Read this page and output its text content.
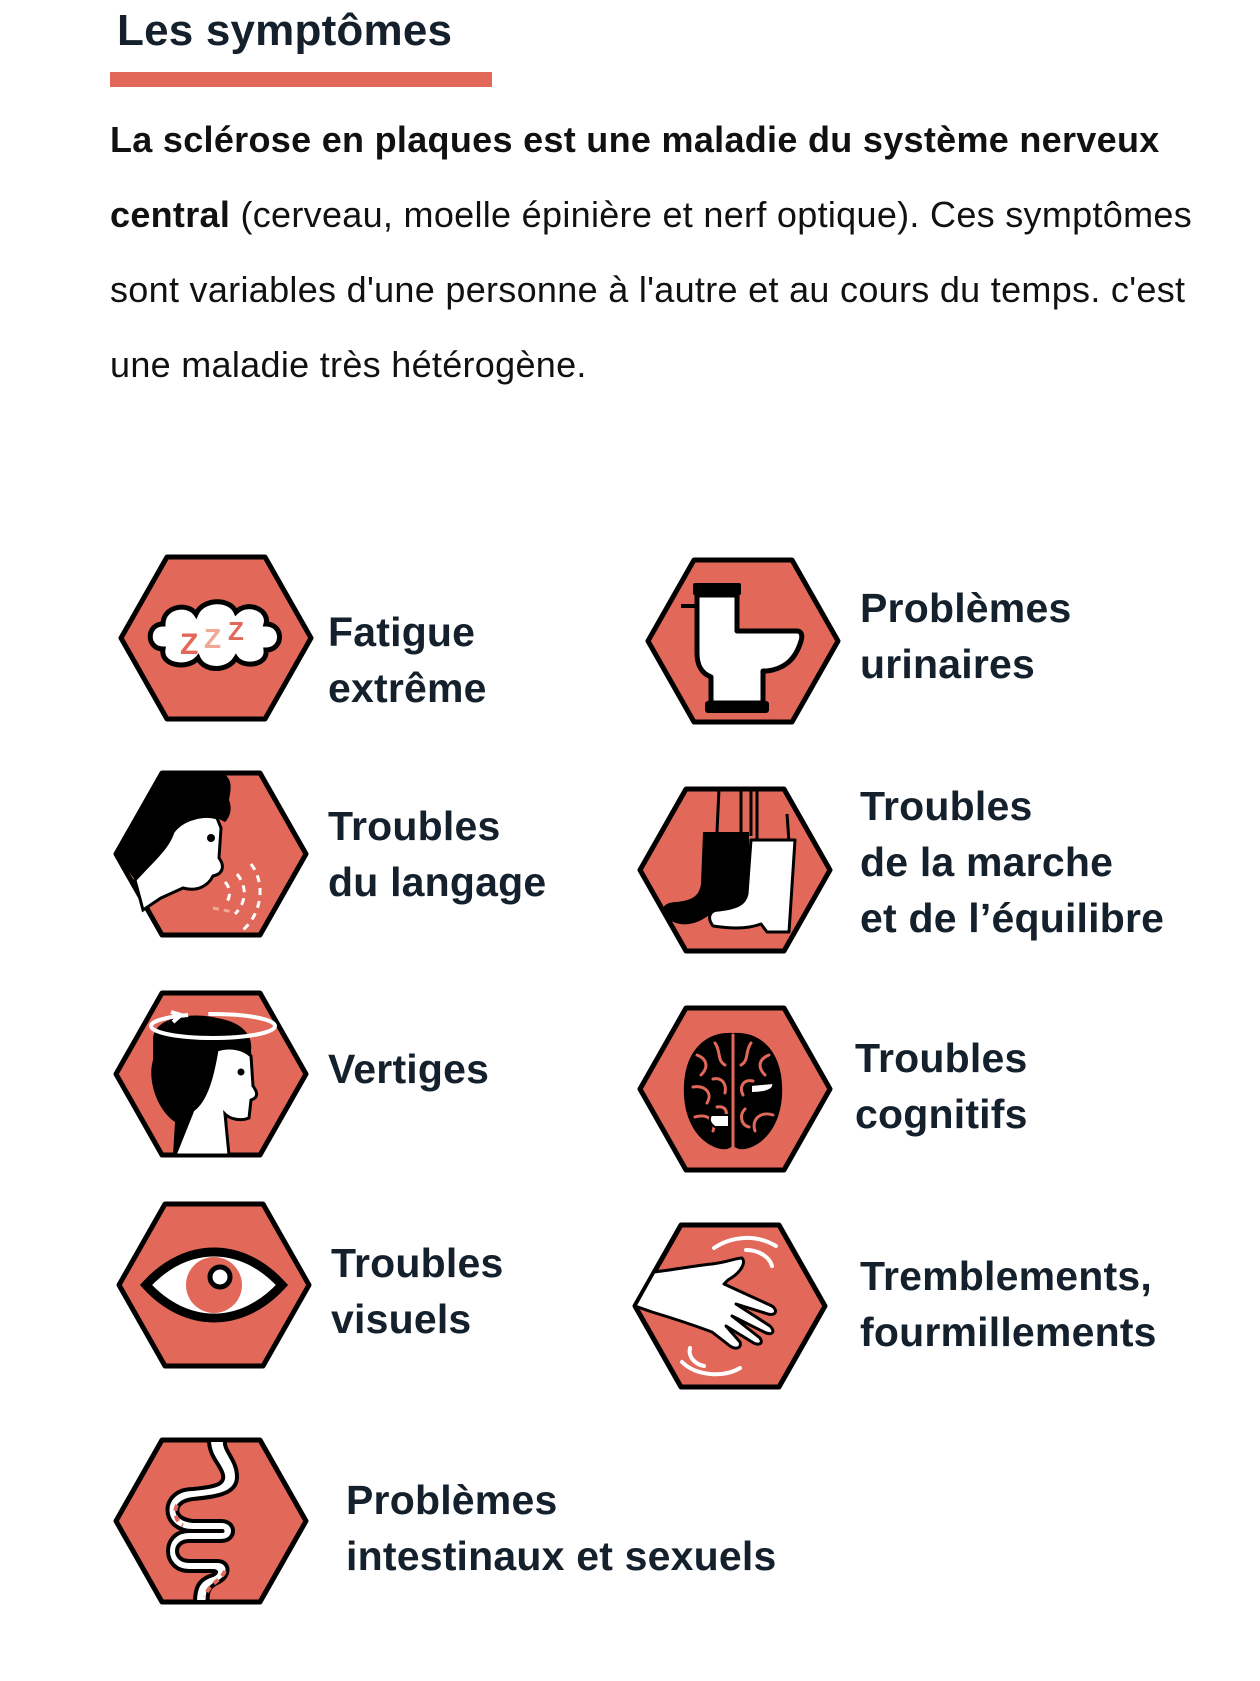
Les symptômes

La sclérose en plaques est une maladie du système nerveux central (cerveau, moelle épinière et nerf optique). Ces symptômes sont variables d'une personne à l'autre et au cours du temps. c'est une maladie très hétérogène.

Z Z Z Fatigue
extrême
Troubles
du langage
Vertiges
Troubles
visuels
Problèmes
intestinaux et sexuels
Problèmes
urinaires
Troubles
de la marche
et de l’équilibre
Troubles
cognitifs
Tremblements,
fourmillements
